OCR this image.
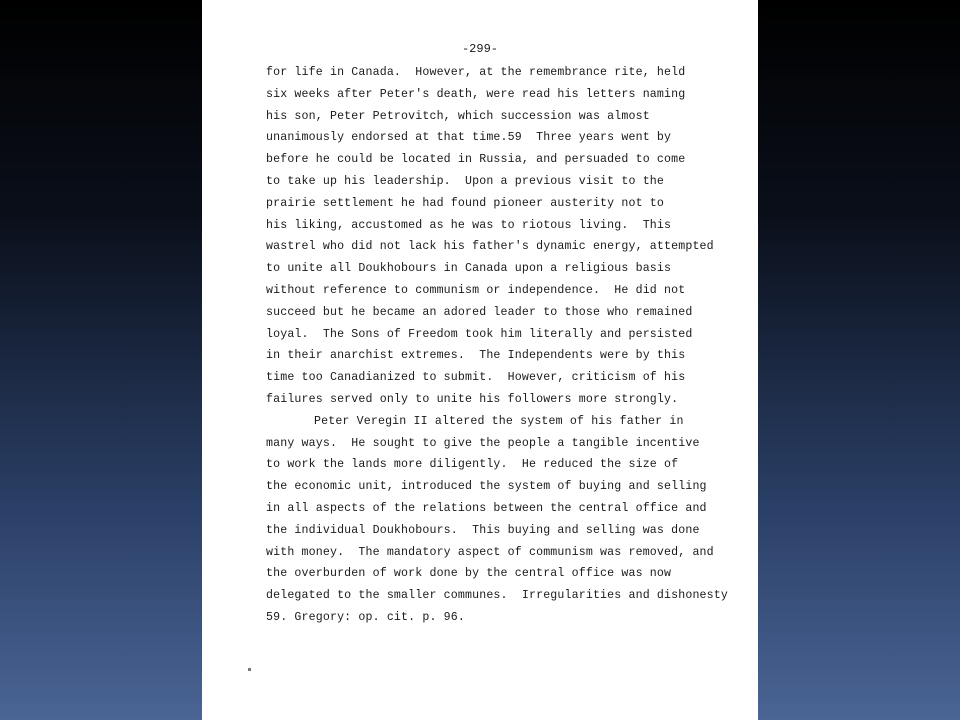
-299-
for life in Canada.  However, at the remembrance rite, held
six weeks after Peter's death, were read his letters naming
his son, Peter Petrovitch, which succession was almost
unanimously endorsed at that time.59  Three years went by
before he could be located in Russia, and persuaded to come
to take up his leadership.  Upon a previous visit to the
prairie settlement he had found pioneer austerity not to
his liking, accustomed as he was to riotous living.  This
wastrel who did not lack his father's dynamic energy, attempted
to unite all Doukhobours in Canada upon a religious basis
without reference to communism or independence.  He did not
succeed but he became an adored leader to those who remained
loyal.  The Sons of Freedom took him literally and persisted
in their anarchist extremes.  The Independents were by this
time too Canadianized to submit.  However, criticism of his
failures served only to unite his followers more strongly.
Peter Veregin II altered the system of his father in
many ways.  He sought to give the people a tangible incentive
to work the lands more diligently.  He reduced the size of
the economic unit, introduced the system of buying and selling
in all aspects of the relations between the central office and
the individual Doukhobours.  This buying and selling was done
with money.  The mandatory aspect of communism was removed, and
the overburden of work done by the central office was now
delegated to the smaller communes.  Irregularities and dishonesty
59. Gregory: op. cit. p. 96.
